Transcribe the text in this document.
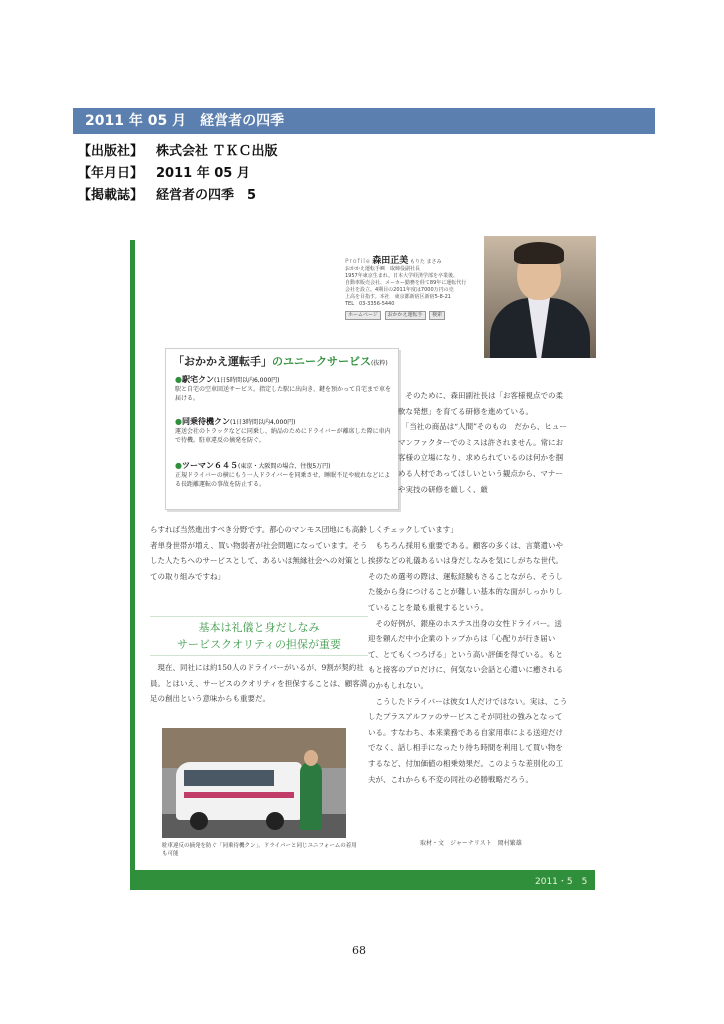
2011 年 05 月　経営者の四季
【出版社】 株式会社 ＴＫＣ出版
【年月日】 2011 年 05 月
【掲載誌】 経営者の四季　5
2011・5　5
Profile 森田正美 もりた まさみ
おかかえ運転手㈱　取締役副社長
1957年東京生まれ。日本大学経済学部を卒業後、
自動車販売会社、メーカー勤務を経て89年に運転代行
会社を設立。4期目の2011年度は7000万円の売
上高を目指す。本社　東京都新宿区新宿5-8-21
TEL　03-3356-5440
ホームページ おかかえ運転手 検索
「おかかえ運転手」のユニークサービス(抜粋)
●駅宅クン(1日5時間以内6,000円)
駅と自宅の空車回送サービス。指定した駅に出向き、鍵を預かって自宅まで車を届ける。
●同乗待機クン(1日3時間以内4,000円)
運送会社のトラックなどに同乗し、納品のためにドライバーが離席した際に車内で待機。駐車違反の摘発を防ぐ。
●ツーマン６４５(東京・大阪間の場合、往復5万円)
正規ドライバーの横にもう一人ドライバーを同乗させ、睡眠不足や疲れなどによる長距離運転の事故を防止する。

　そのために、森田副社長は「お客様視点での柔軟な発想」を育てる研修を進めている。

　「当社の商品は“人間”そのもの　だから、ヒューマンファクターでのミスは許されません。常にお客様の立場になり、求められているのは何かを掴める人材であってほしいという観点から、マナーや実技の研修を厳しく、厳

らすれば当然進出すべき分野です。都心のマンモス団地にも高齢者単身世帯が増え、買い物弱者が社会問題になっています。そうした人たちへのサービスとして、あるいは無縁社会への対策としての取り組みですね」

基本は礼儀と身だしなみ
サービスクオリティの担保が重要

　現在、同社には約150人のドライバーがいるが、9割が契約社員。とはいえ、サービスのクオリティを担保することは、顧客満足の創出という意味からも重要だ。

しくチェックしています」

　もちろん採用も重要である。顧客の多くは、言葉遣いや挨拶などの礼儀あるいは身だしなみを気にしがちな世代。そのため選考の際は、運転経験もさることながら、そうした後から身につけることが難しい基本的な面がしっかりしていることを最も重視するという。

　その好例が、銀座のホステス出身の女性ドライバー。送迎を頼んだ中小企業のトップからは「心配りが行き届いて、とてもくつろげる」という高い評価を得ている。もともと接客のプロだけに、何気ない会話と心遣いに癒されるのかもしれない。

　こうしたドライバーは彼女1人だけではない。実は、こうしたプラスアルファのサービスこそが同社の強みとなっている。すなわち、本来業務である自家用車による送迎だけでなく、話し相手になったり待ち時間を利用して買い物をするなど、付加価値の相乗効果だ。このような差別化の工夫が、これからも不変の同社の必勝戦略だろう。

取材・文　ジャーナリスト　岡村繁雄
駐車違反の摘発を防ぐ「同乗待機クン」。ドライバーと同じユニフォームの着用も可能
68
